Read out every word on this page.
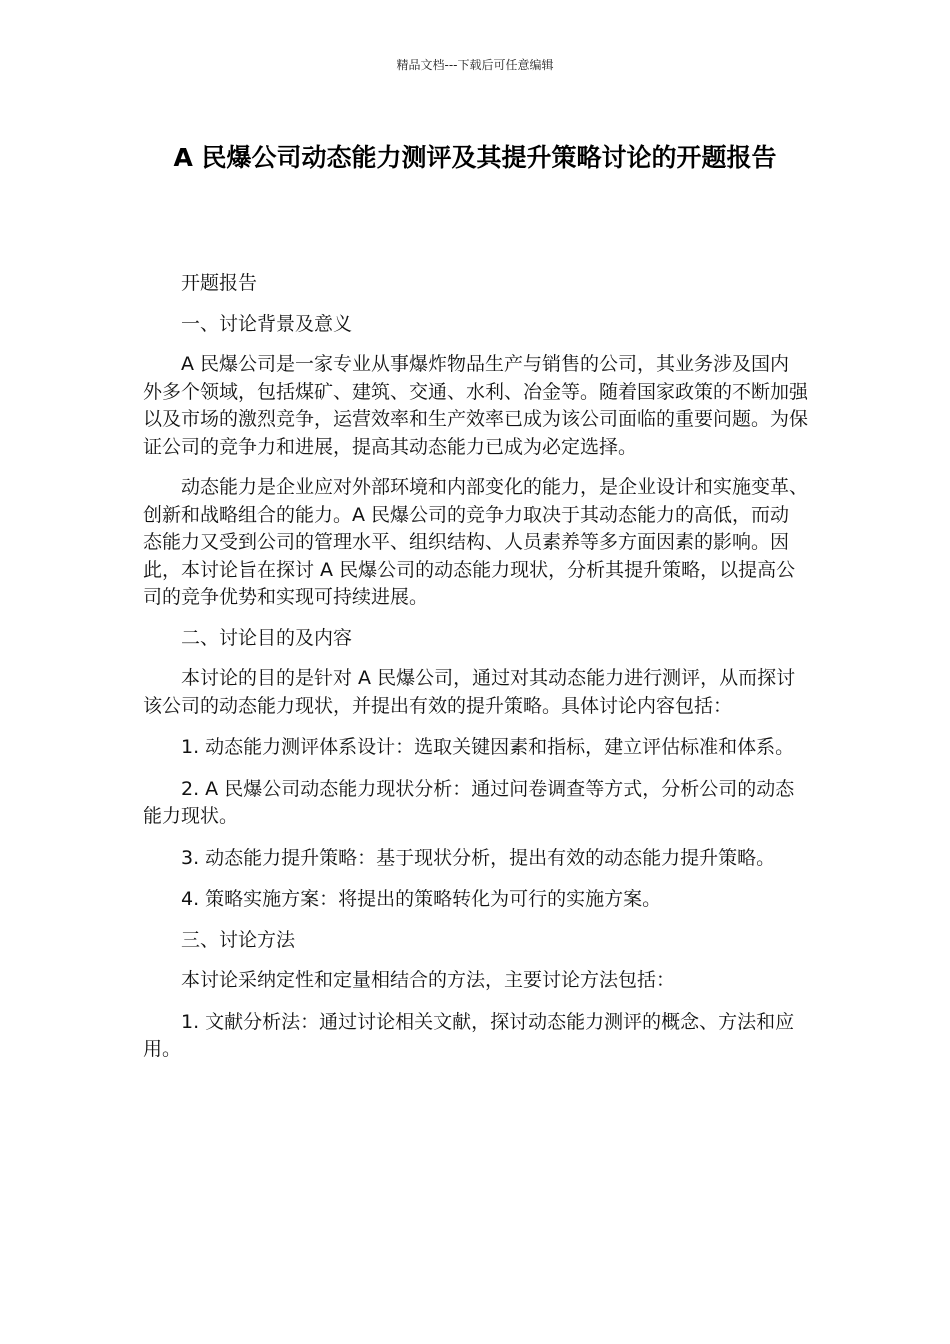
精品文档---下载后可任意编辑
A 民爆公司动态能力测评及其提升策略讨论的开题报告

开题报告

一、讨论背景及意义

A 民爆公司是一家专业从事爆炸物品生产与销售的公司，其业务涉及国内外多个领域，包括煤矿、建筑、交通、水利、冶金等。随着国家政策的不断加强以及市场的激烈竞争，运营效率和生产效率已成为该公司面临的重要问题。为保证公司的竞争力和进展，提高其动态能力已成为必定选择。

动态能力是企业应对外部环境和内部变化的能力，是企业设计和实施变革、创新和战略组合的能力。A 民爆公司的竞争力取决于其动态能力的高低，而动态能力又受到公司的管理水平、组织结构、人员素养等多方面因素的影响。因此，本讨论旨在探讨 A 民爆公司的动态能力现状，分析其提升策略，以提高公司的竞争优势和实现可持续进展。

二、讨论目的及内容

本讨论的目的是针对 A 民爆公司，通过对其动态能力进行测评，从而探讨该公司的动态能力现状，并提出有效的提升策略。具体讨论内容包括：

1. 动态能力测评体系设计：选取关键因素和指标，建立评估标准和体系。

2. A 民爆公司动态能力现状分析：通过问卷调查等方式，分析公司的动态能力现状。

3. 动态能力提升策略：基于现状分析，提出有效的动态能力提升策略。

4. 策略实施方案：将提出的策略转化为可行的实施方案。

三、讨论方法

本讨论采纳定性和定量相结合的方法，主要讨论方法包括：

1. 文献分析法：通过讨论相关文献，探讨动态能力测评的概念、方法和应用。
